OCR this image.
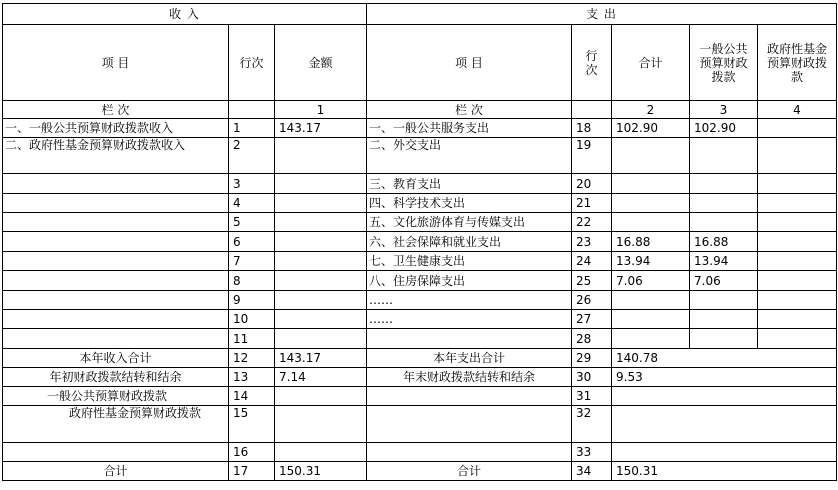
收 入			支 出				
项 目	行次	金额	项 目	行次	合计	一般公共预算财政拨款	政府性基金预算财政拨款
栏 次		1	栏 次		2	3	4
一、一般公共预算财政拨款收入	1	143.17	一、一般公共服务支出	18	102.90	102.90	
二、政府性基金预算财政拨款收入	2		二、外交支出	19			
	3		三、教育支出	20			
	4		四、科学技术支出	21			
	5		五、文化旅游体育与传媒支出	22			
	6		六、社会保障和就业支出	23	16.88	16.88	
	7		七、卫生健康支出	24	13.94	13.94	
	8		八、住房保障支出	25	7.06	7.06	
	9		……	26			
	10		……	27			
	11			28			
本年收入合计	12	143.17	本年支出合计	29	140.78		
年初财政拨款结转和结余	13	7.14	年末财政拨款结转和结余	30	9.53		
一般公共预算财政拨款	14			31			
政府性基金预算财政拨款	15			32			
	16			33			
合计	17	150.31	合计	34	150.31		
